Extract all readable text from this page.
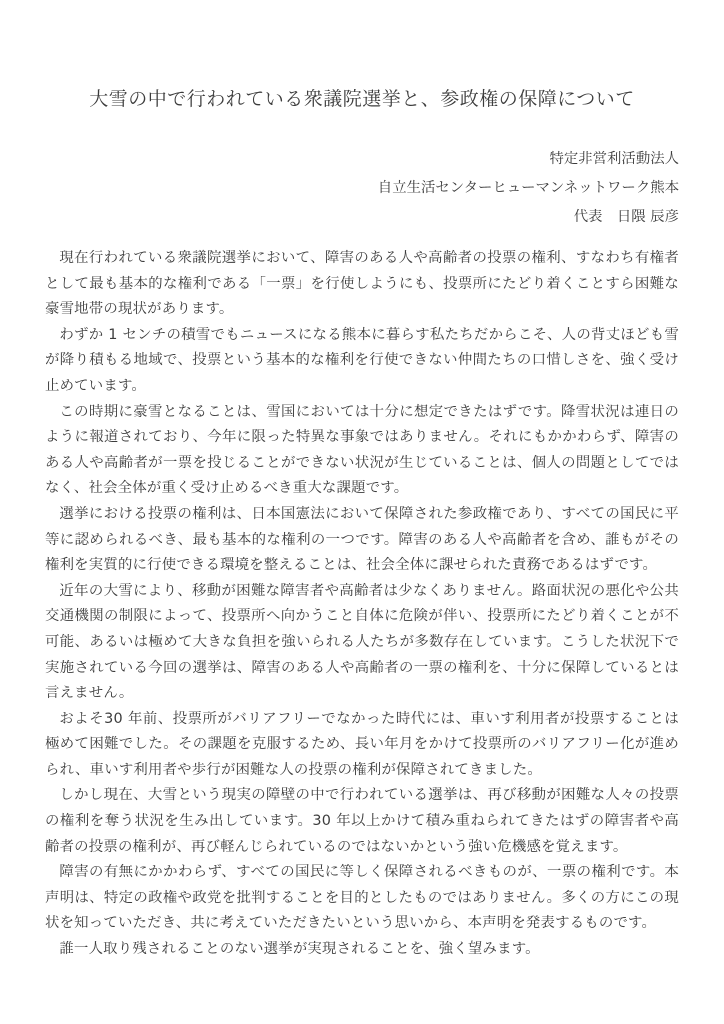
大雪の中で行われている衆議院選挙と、参政権の保障について
特定非営利活動法人
自立生活センターヒューマンネットワーク熊本
代表　日隈 辰彦

現在行われている衆議院選挙において、障害のある人や高齢者の投票の権利、すなわち有権者として最も基本的な権利である「一票」を行使しようにも、投票所にたどり着くことすら困難な豪雪地帯の現状があります。

わずか 1 センチの積雪でもニュースになる熊本に暮らす私たちだからこそ、人の背丈ほども雪が降り積もる地域で、投票という基本的な権利を行使できない仲間たちの口惜しさを、強く受け止めています。

この時期に豪雪となることは、雪国においては十分に想定できたはずです。降雪状況は連日のように報道されており、今年に限った特異な事象ではありません。それにもかかわらず、障害のある人や高齢者が一票を投じることができない状況が生じていることは、個人の問題としてではなく、社会全体が重く受け止めるべき重大な課題です。

選挙における投票の権利は、日本国憲法において保障された参政権であり、すべての国民に平等に認められるべき、最も基本的な権利の一つです。障害のある人や高齢者を含め、誰もがその権利を実質的に行使できる環境を整えることは、社会全体に課せられた責務であるはずです。

近年の大雪により、移動が困難な障害者や高齢者は少なくありません。路面状況の悪化や公共交通機関の制限によって、投票所へ向かうこと自体に危険が伴い、投票所にたどり着くことが不可能、あるいは極めて大きな負担を強いられる人たちが多数存在しています。こうした状況下で実施されている今回の選挙は、障害のある人や高齢者の一票の権利を、十分に保障しているとは言えません。

およそ30 年前、投票所がバリアフリーでなかった時代には、車いす利用者が投票することは極めて困難でした。その課題を克服するため、長い年月をかけて投票所のバリアフリー化が進められ、車いす利用者や歩行が困難な人の投票の権利が保障されてきました。

しかし現在、大雪という現実の障壁の中で行われている選挙は、再び移動が困難な人々の投票の権利を奪う状況を生み出しています。30 年以上かけて積み重ねられてきたはずの障害者や高齢者の投票の権利が、再び軽んじられているのではないかという強い危機感を覚えます。

障害の有無にかかわらず、すべての国民に等しく保障されるべきものが、一票の権利です。本声明は、特定の政権や政党を批判することを目的としたものではありません。多くの方にこの現状を知っていただき、共に考えていただきたいという思いから、本声明を発表するものです。

誰一人取り残されることのない選挙が実現されることを、強く望みます。
